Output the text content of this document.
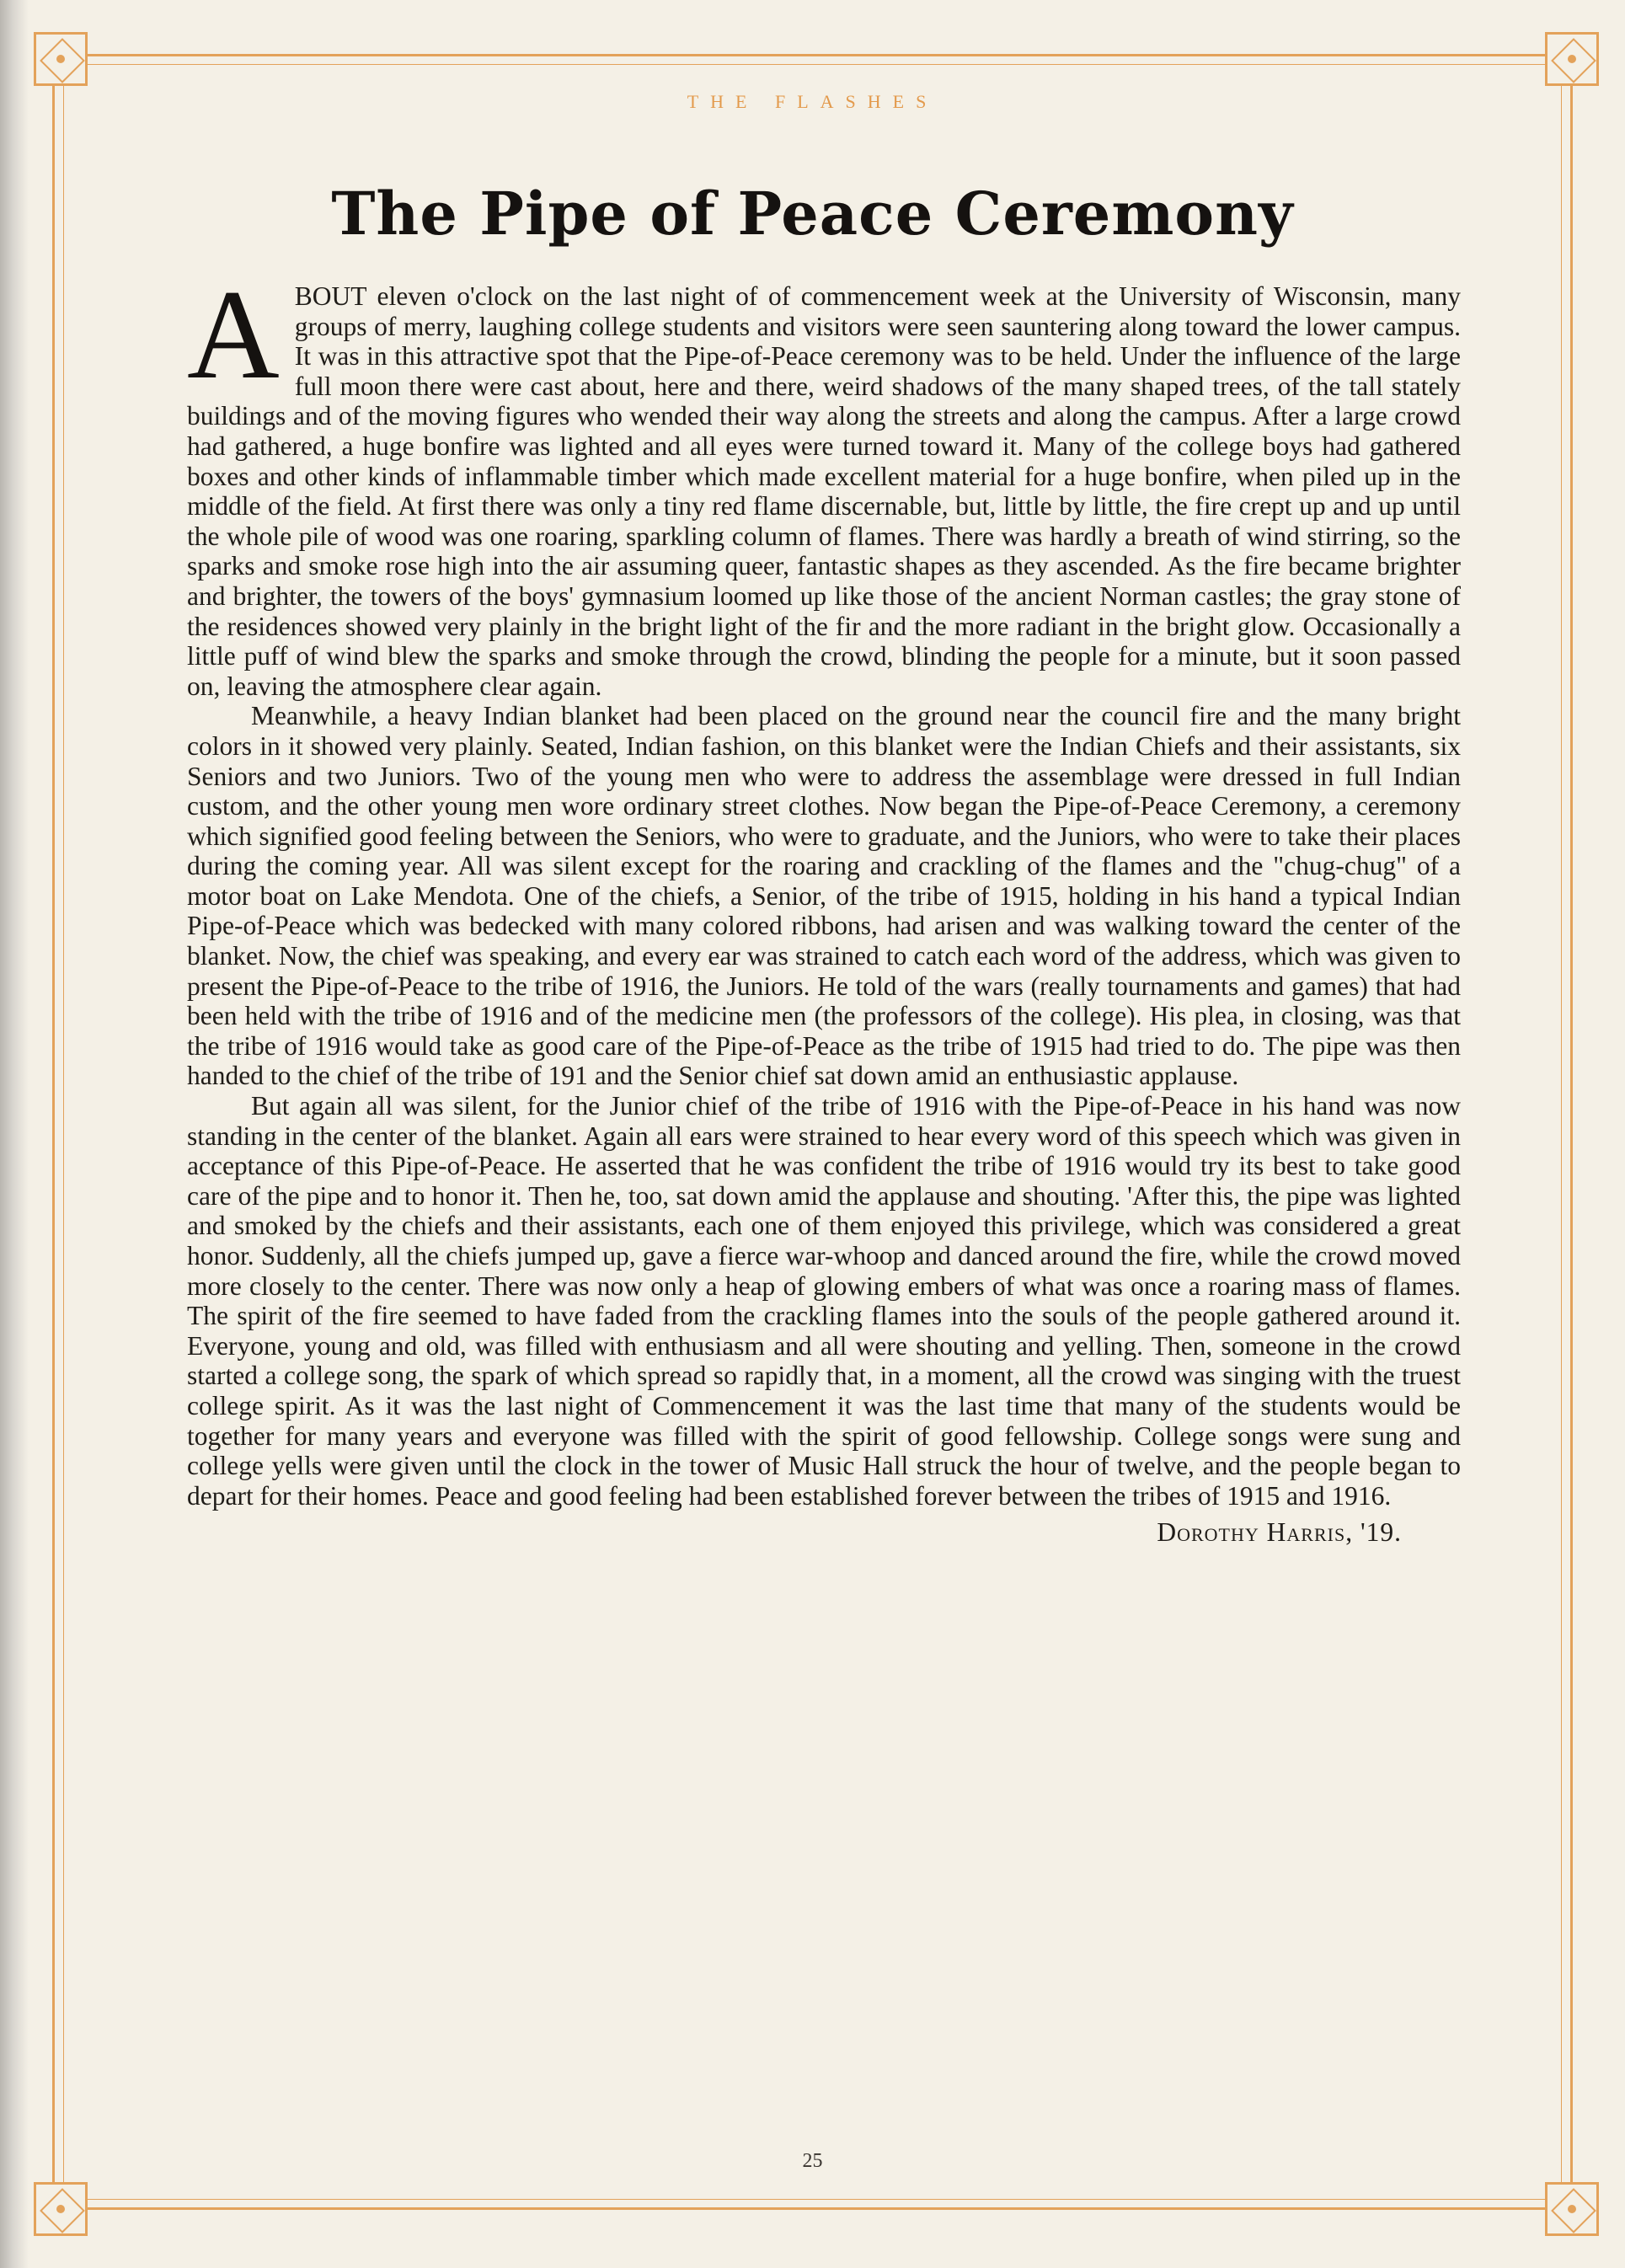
THE FLASHES
The Pipe of Peace Ceremony

ABOUT eleven o'clock on the last night of of commencement week at the University of Wisconsin, many groups of merry, laughing college students and visitors were seen sauntering along toward the lower campus. It was in this attractive spot that the Pipe-of-Peace ceremony was to be held. Under the influence of the large full moon there were cast about, here and there, weird shadows of the many shaped trees, of the tall stately buildings and of the moving figures who wended their way along the streets and along the campus. After a large crowd had gathered, a huge bonfire was lighted and all eyes were turned toward it. Many of the college boys had gathered boxes and other kinds of inflammable timber which made excellent material for a huge bonfire, when piled up in the middle of the field. At first there was only a tiny red flame discernable, but, little by little, the fire crept up and up until the whole pile of wood was one roaring, sparkling column of flames. There was hardly a breath of wind stirring, so the sparks and smoke rose high into the air assuming queer, fantastic shapes as they ascended. As the fire became brighter and brighter, the towers of the boys' gymnasium loomed up like those of the ancient Norman castles; the gray stone of the residences showed very plainly in the bright light of the fir and the more radiant in the bright glow. Occasionally a little puff of wind blew the sparks and smoke through the crowd, blinding the people for a minute, but it soon passed on, leaving the atmosphere clear again.

Meanwhile, a heavy Indian blanket had been placed on the ground near the council fire and the many bright colors in it showed very plainly. Seated, Indian fashion, on this blanket were the Indian Chiefs and their assistants, six Seniors and two Juniors. Two of the young men who were to address the assemblage were dressed in full Indian custom, and the other young men wore ordinary street clothes. Now began the Pipe-of-Peace Ceremony, a ceremony which signified good feeling between the Seniors, who were to graduate, and the Juniors, who were to take their places during the coming year. All was silent except for the roaring and crackling of the flames and the "chug-chug" of a motor boat on Lake Mendota. One of the chiefs, a Senior, of the tribe of 1915, holding in his hand a typical Indian Pipe-of-Peace which was bedecked with many colored ribbons, had arisen and was walking toward the center of the blanket. Now, the chief was speaking, and every ear was strained to catch each word of the address, which was given to present the Pipe-of-Peace to the tribe of 1916, the Juniors. He told of the wars (really tournaments and games) that had been held with the tribe of 1916 and of the medicine men (the professors of the college). His plea, in closing, was that the tribe of 1916 would take as good care of the Pipe-of-Peace as the tribe of 1915 had tried to do. The pipe was then handed to the chief of the tribe of 191 and the Senior chief sat down amid an enthusiastic applause.

But again all was silent, for the Junior chief of the tribe of 1916 with the Pipe-of-Peace in his hand was now standing in the center of the blanket. Again all ears were strained to hear every word of this speech which was given in acceptance of this Pipe-of-Peace. He asserted that he was confident the tribe of 1916 would try its best to take good care of the pipe and to honor it. Then he, too, sat down amid the applause and shouting. 'After this, the pipe was lighted and smoked by the chiefs and their assistants, each one of them enjoyed this privilege, which was considered a great honor. Suddenly, all the chiefs jumped up, gave a fierce war-whoop and danced around the fire, while the crowd moved more closely to the center. There was now only a heap of glowing embers of what was once a roaring mass of flames. The spirit of the fire seemed to have faded from the crackling flames into the souls of the people gathered around it. Everyone, young and old, was filled with enthusiasm and all were shouting and yelling. Then, someone in the crowd started a college song, the spark of which spread so rapidly that, in a moment, all the crowd was singing with the truest college spirit. As it was the last night of Commencement it was the last time that many of the students would be together for many years and everyone was filled with the spirit of good fellowship. College songs were sung and college yells were given until the clock in the tower of Music Hall struck the hour of twelve, and the people began to depart for their homes. Peace and good feeling had been established forever between the tribes of 1915 and 1916.

Dorothy Harris, '19.
25
